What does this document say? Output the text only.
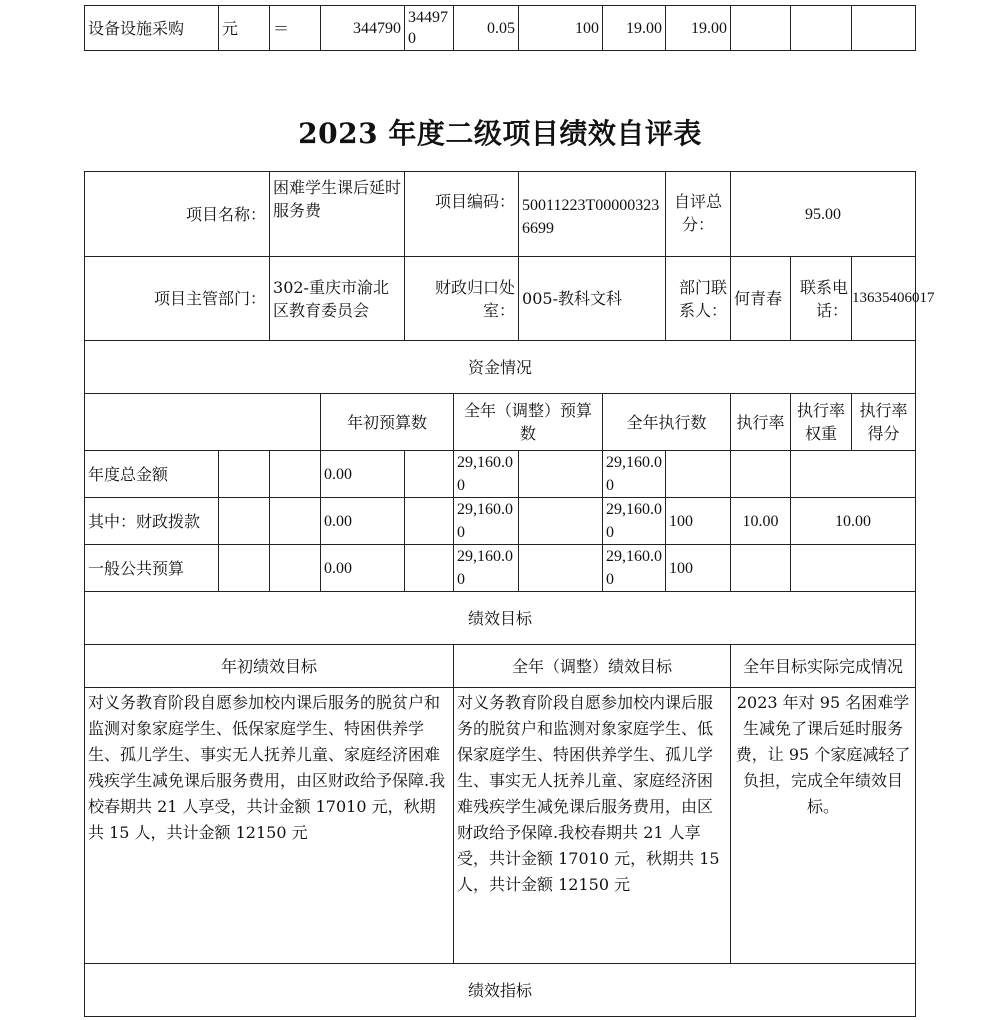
设备设施采购	元	＝	344790	344970	0.05	100	19.00	19.00			
2023 年度二级项目绩效自评表
项目名称：		困难学生课后延时服务费		项目编码：		50011223T000003236699		自评总分：	95.00		
项目主管部门：		302-重庆市渝北区教育委员会		财政归口处室：		005-教科文科		部门联系人：	何青春	联系电话：	13635406017
资金情况											
			年初预算数		全年（调整）预算数		全年执行数		执行率	执行率权重	执行率得分
年度总金额			0.00		29,160.00		29,160.00				
其中：财政拨款			0.00		29,160.00		29,160.00	100	10.00	10.00	
一般公共预算			0.00		29,160.00		29,160.00	100			
绩效目标											
年初绩效目标					全年（调整）绩效目标				全年目标实际完成情况		
对义务教育阶段自愿参加校内课后服务的脱贫户和监测对象家庭学生、低保家庭学生、特困供养学生、孤儿学生、事实无人抚养儿童、家庭经济困难残疾学生减免课后服务费用，由区财政给予保障.我校春期共 21 人享受，共计金额 17010 元，秋期共 15 人，共计金额 12150 元					对义务教育阶段自愿参加校内课后服务的脱贫户和监测对象家庭学生、低保家庭学生、特困供养学生、孤儿学生、事实无人抚养儿童、家庭经济困难残疾学生减免课后服务费用，由区财政给予保障.我校春期共 21 人享受，共计金额 17010 元，秋期共 15 人，共计金额 12150 元				2023 年对 95 名困难学生减免了课后延时服务费，让 95 个家庭减轻了负担，完成全年绩效目标。		
绩效指标											
